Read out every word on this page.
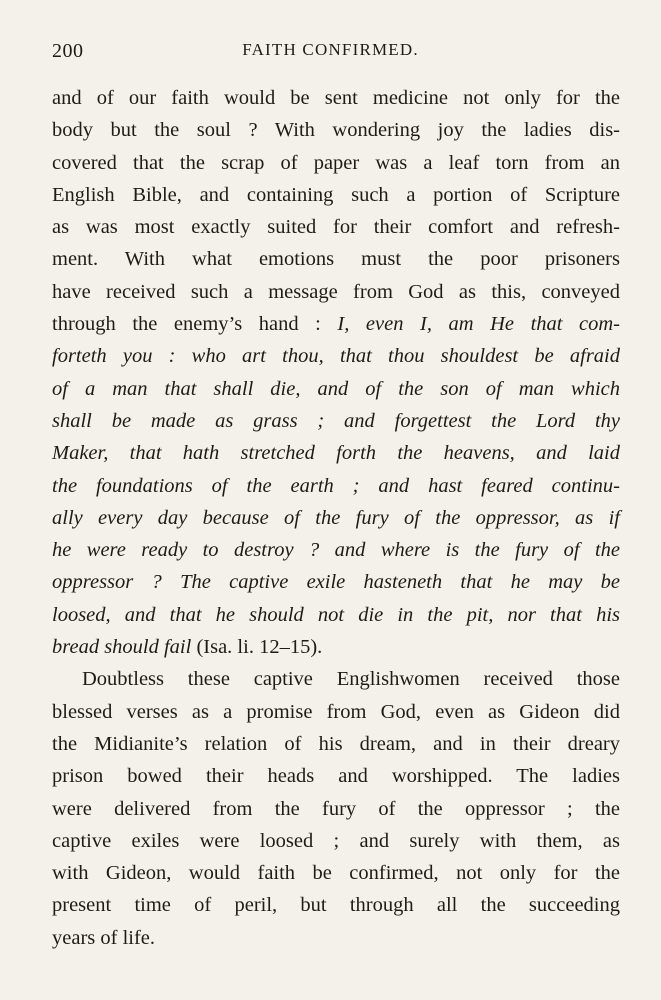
200	FAITH CONFIRMED.
and of our faith would be sent medicine not only for the
body but the soul ? With wondering joy the ladies dis-
covered that the scrap of paper was a leaf torn from an
English Bible, and containing such a portion of Scripture
as was most exactly suited for their comfort and refresh-
ment. With what emotions must the poor prisoners
have received such a message from God as this, conveyed
through the enemy’s hand : I, even I, am He that com-
forteth you : who art thou, that thou shouldest be afraid
of a man that shall die, and of the son of man which
shall be made as grass ; and forgettest the Lord thy
Maker, that hath stretched forth the heavens, and laid
the foundations of the earth ; and hast feared continu-
ally every day because of the fury of the oppressor, as if
he were ready to destroy ? and where is the fury of the
oppressor ? The captive exile hasteneth that he may be
loosed, and that he should not die in the pit, nor that his
bread should fail (Isa. li. 12–15).
Doubtless these captive Englishwomen received those
blessed verses as a promise from God, even as Gideon did
the Midianite’s relation of his dream, and in their dreary
prison bowed their heads and worshipped. The ladies
were delivered from the fury of the oppressor ; the
captive exiles were loosed ; and surely with them, as
with Gideon, would faith be confirmed, not only for the
present time of peril, but through all the succeeding
years of life.
